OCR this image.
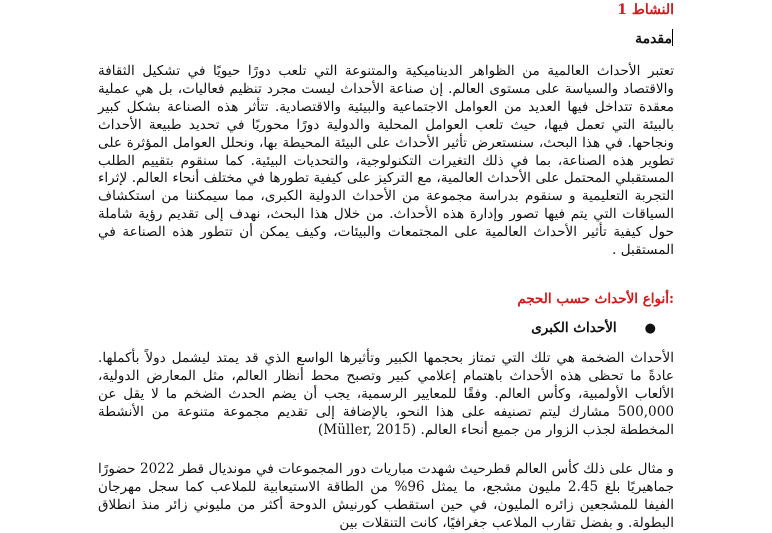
النشاط 1
مقدمة

تعتبر الأحداث العالمية من الظواهر الديناميكية والمتنوعة التي تلعب دورًا حيويًا في تشكيل الثقافة والاقتصاد والسياسة على مستوى العالم. إن صناعة الأحداث ليست مجرد تنظيم فعاليات، بل هي عملية معقدة تتداخل فيها العديد من العوامل الاجتماعية والبيئية والاقتصادية. تتأثر هذه الصناعة بشكل كبير بالبيئة التي تعمل فيها، حيث تلعب العوامل المحلية والدولية دورًا محوريًا في تحديد طبيعة الأحداث ونجاحها. في هذا البحث، سنستعرض تأثير الأحداث على البيئة المحيطة بها، ونحلل العوامل المؤثرة على تطوير هذه الصناعة، بما في ذلك التغيرات التكنولوجية، والتحديات البيئية. كما سنقوم بتقييم الطلب المستقبلي المحتمل على الأحداث العالمية، مع التركيز على كيفية تطورها في مختلف أنحاء العالم. لإثراء التجربة التعليمية و سنقوم بدراسة مجموعة من الأحداث الدولية الكبرى، مما سيمكننا من استكشاف السياقات التي يتم فيها تصور وإدارة هذه الأحداث. من خلال هذا البحث، نهدف إلى تقديم رؤية شاملة حول كيفية تأثير الأحداث العالمية على المجتمعات والبيئات، وكيف يمكن أن تتطور هذه الصناعة في المستقبل .

:أنواع الأحداث حسب الحجم

●الأحداث الكبرى

الأحداث الضخمة هي تلك التي تمتاز بحجمها الكبير وتأثيرها الواسع الذي قد يمتد ليشمل دولاً بأكملها. عادةً ما تحظى هذه الأحداث باهتمام إعلامي كبير وتصبح محط أنظار العالم، مثل المعارض الدولية، الألعاب الأولمبية، وكأس العالم. وفقًا للمعايير الرسمية، يجب أن يضم الحدث الضخم ما لا يقل عن 500,000 مشارك ليتم تصنيفه على هذا النحو، بالإضافة إلى تقديم مجموعة متنوعة من الأنشطة المخططة لجذب الزوار من جميع أنحاء العالم. (Müller, 2015)

و مثال على ذلك كأس العالم قطرحيث شهدت مباريات دور المجموعات في مونديال قطر 2022 حضورًا جماهيريًا بلغ 2.45 مليون مشجع، ما يمثل 96% من الطاقة الاستيعابية للملاعب كما سجل مهرجان الفيفا للمشجعين زائره المليون، في حين استقطب كورنيش الدوحة أكثر من مليوني زائر منذ انطلاق البطولة. و بفضل تقارب الملاعب جغرافيًا، كانت التنقلات بين
